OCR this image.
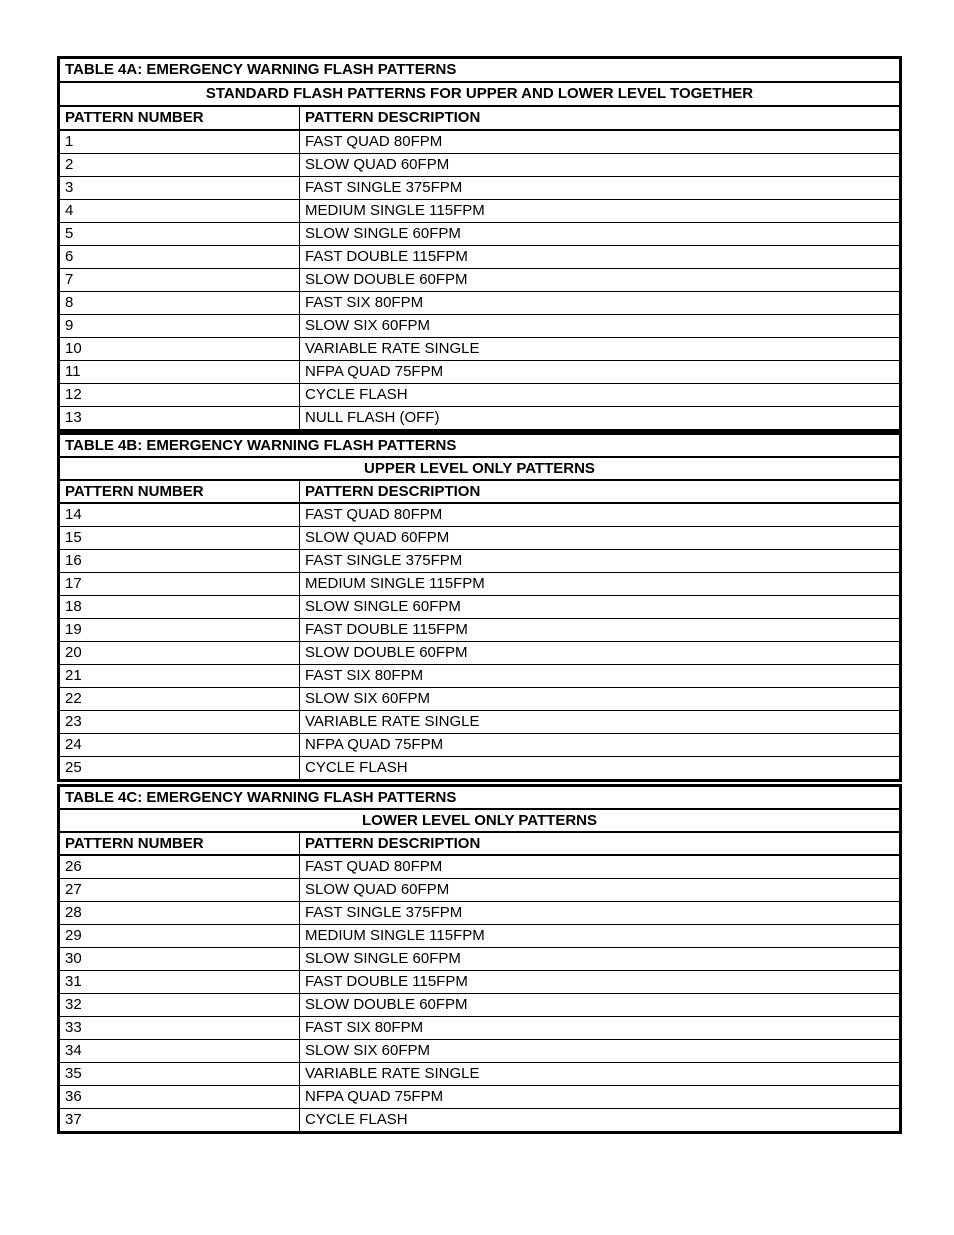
TABLE 4A: EMERGENCY WARNING FLASH PATTERNS	
STANDARD FLASH PATTERNS FOR UPPER AND LOWER LEVEL TOGETHER	
PATTERN NUMBER	PATTERN DESCRIPTION
1	FAST QUAD 80FPM
2	SLOW QUAD 60FPM
3	FAST SINGLE 375FPM
4	MEDIUM SINGLE 115FPM
5	SLOW SINGLE 60FPM
6	FAST DOUBLE 115FPM
7	SLOW DOUBLE 60FPM
8	FAST SIX 80FPM
9	SLOW SIX 60FPM
10	VARIABLE RATE SINGLE
11	NFPA QUAD 75FPM
12	CYCLE FLASH
13	NULL FLASH (OFF)
TABLE 4B: EMERGENCY WARNING FLASH PATTERNS	
UPPER LEVEL ONLY PATTERNS	
PATTERN NUMBER	PATTERN DESCRIPTION
14	FAST QUAD 80FPM
15	SLOW QUAD 60FPM
16	FAST SINGLE 375FPM
17	MEDIUM SINGLE 115FPM
18	SLOW SINGLE 60FPM
19	FAST DOUBLE 115FPM
20	SLOW DOUBLE 60FPM
21	FAST SIX 80FPM
22	SLOW SIX 60FPM
23	VARIABLE RATE SINGLE
24	NFPA QUAD 75FPM
25	CYCLE FLASH
TABLE 4C: EMERGENCY WARNING FLASH PATTERNS	
LOWER LEVEL ONLY PATTERNS	
PATTERN NUMBER	PATTERN DESCRIPTION
26	FAST QUAD 80FPM
27	SLOW QUAD 60FPM
28	FAST SINGLE 375FPM
29	MEDIUM SINGLE 115FPM
30	SLOW SINGLE 60FPM
31	FAST DOUBLE 115FPM
32	SLOW DOUBLE 60FPM
33	FAST SIX 80FPM
34	SLOW SIX 60FPM
35	VARIABLE RATE SINGLE
36	NFPA QUAD 75FPM
37	CYCLE FLASH
